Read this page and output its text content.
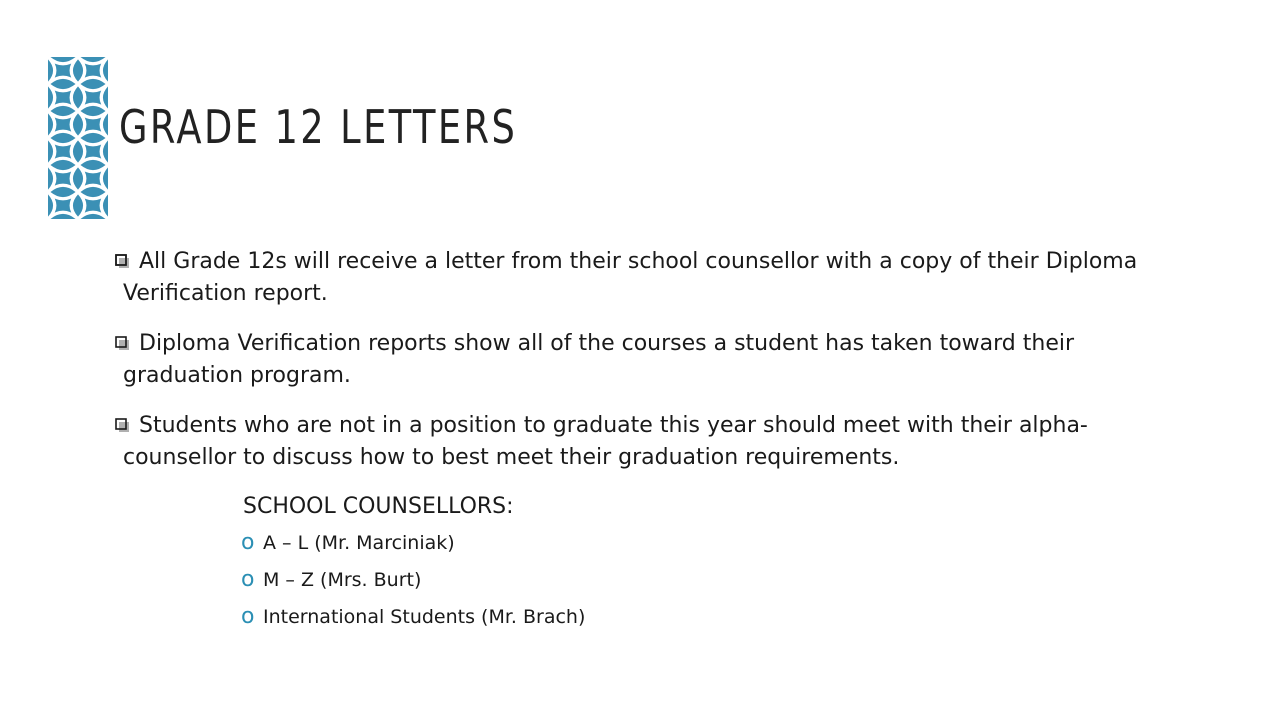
GRADE 12 LETTERS
All Grade 12s will receive a letter from their school counsellor with a copy of their Diploma Verification report.
Diploma Verification reports show all of the courses a student has taken toward their graduation program.
Students who are not in a position to graduate this year should meet with their alpha-counsellor to discuss how to best meet their graduation requirements.
SCHOOL COUNSELLORS:
o A – L (Mr. Marciniak)
o M – Z (Mrs. Burt)
o International Students (Mr. Brach)
